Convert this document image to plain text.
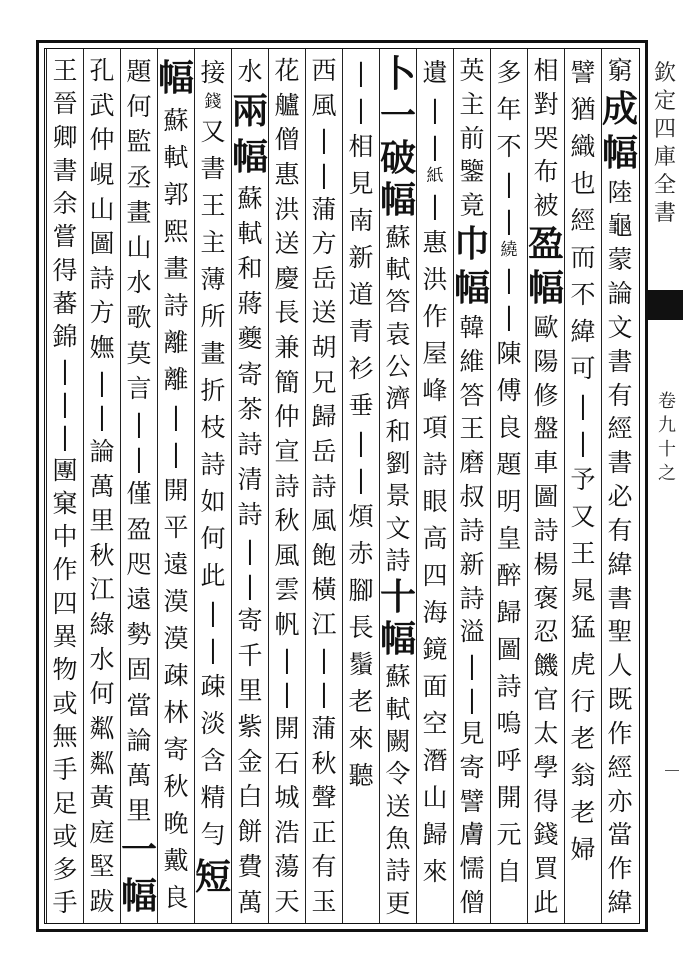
窮
成
幅
陸
龜
蒙
論
文
書
有
經
書
必
有
緯
書
聖
人
既
作
經
亦
當
作
緯
譬
猶
織
也
經
而
不
緯
可
|
|
予
又
王
晁
猛
虎
行
老
翁
老
婦
相
對
哭
布
被
盈
幅
歐
陽
修
盤
車
圖
詩
楊
褒
忍
饑
官
太
學
得
錢
買
此
多
年
不
|
|
繞
|
|
陳
傅
良
題
明
皇
醉
歸
圖
詩
嗚
呼
開
元
自
英
主
前
鑒
竟
巾
幅
韓
維
答
王
磨
叔
詩
新
詩
溢
|
|
見
寄
譬
膚
懦
僧
遺
|
|
紙
|
惠
洪
作
屋
峰
項
詩
眼
高
四
海
鏡
面
空
潛
山
歸
來
卜
一
破
幅
蘇
軾
答
袁
公
濟
和
劉
景
文
詩
十
幅
蘇
軾
闕
令
送
魚
詩
更
|
|
相
見
南
新
道
青
衫
垂
|
|
煩
赤
腳
長
鬚
老
來
聽
西
風
|
|
蒲
方
岳
送
胡
兄
歸
岳
詩
風
飽
橫
江
|
|
蒲
秋
聲
正
有
玉
花
艫
僧
惠
洪
送
慶
長
兼
簡
仲
宣
詩
秋
風
雲
帆
|
|
開
石
城
浩
蕩
天
水
兩
幅
蘇
軾
和
蔣
夔
寄
茶
詩
清
詩
|
|
寄
千
里
紫
金
白
餅
費
萬
接
錢
又
書
王
主
薄
所
畫
折
枝
詩
如
何
此
|
|
疎
淡
含
精
勻
短
幅
蘇
軾
郭
熙
畫
詩
離
離
|
|
開
平
遠
漠
漠
疎
林
寄
秋
晚
戴
良
題
何
監
丞
畫
山
水
歌
莫
言
|
|
僅
盈
咫
遠
勢
固
當
論
萬
里
一
幅
孔
武
仲
峴
山
圖
詩
方
嫵
|
|
論
萬
里
秋
江
綠
水
何
粼
粼
黃
庭
堅
跋
王
晉
卿
書
余
嘗
得
蕃
錦
|
|
|
團
窠
中
作
四
異
物
或
無
手
足
或
多
手
欽
定
四
庫
全
書
卷
九
十
之
